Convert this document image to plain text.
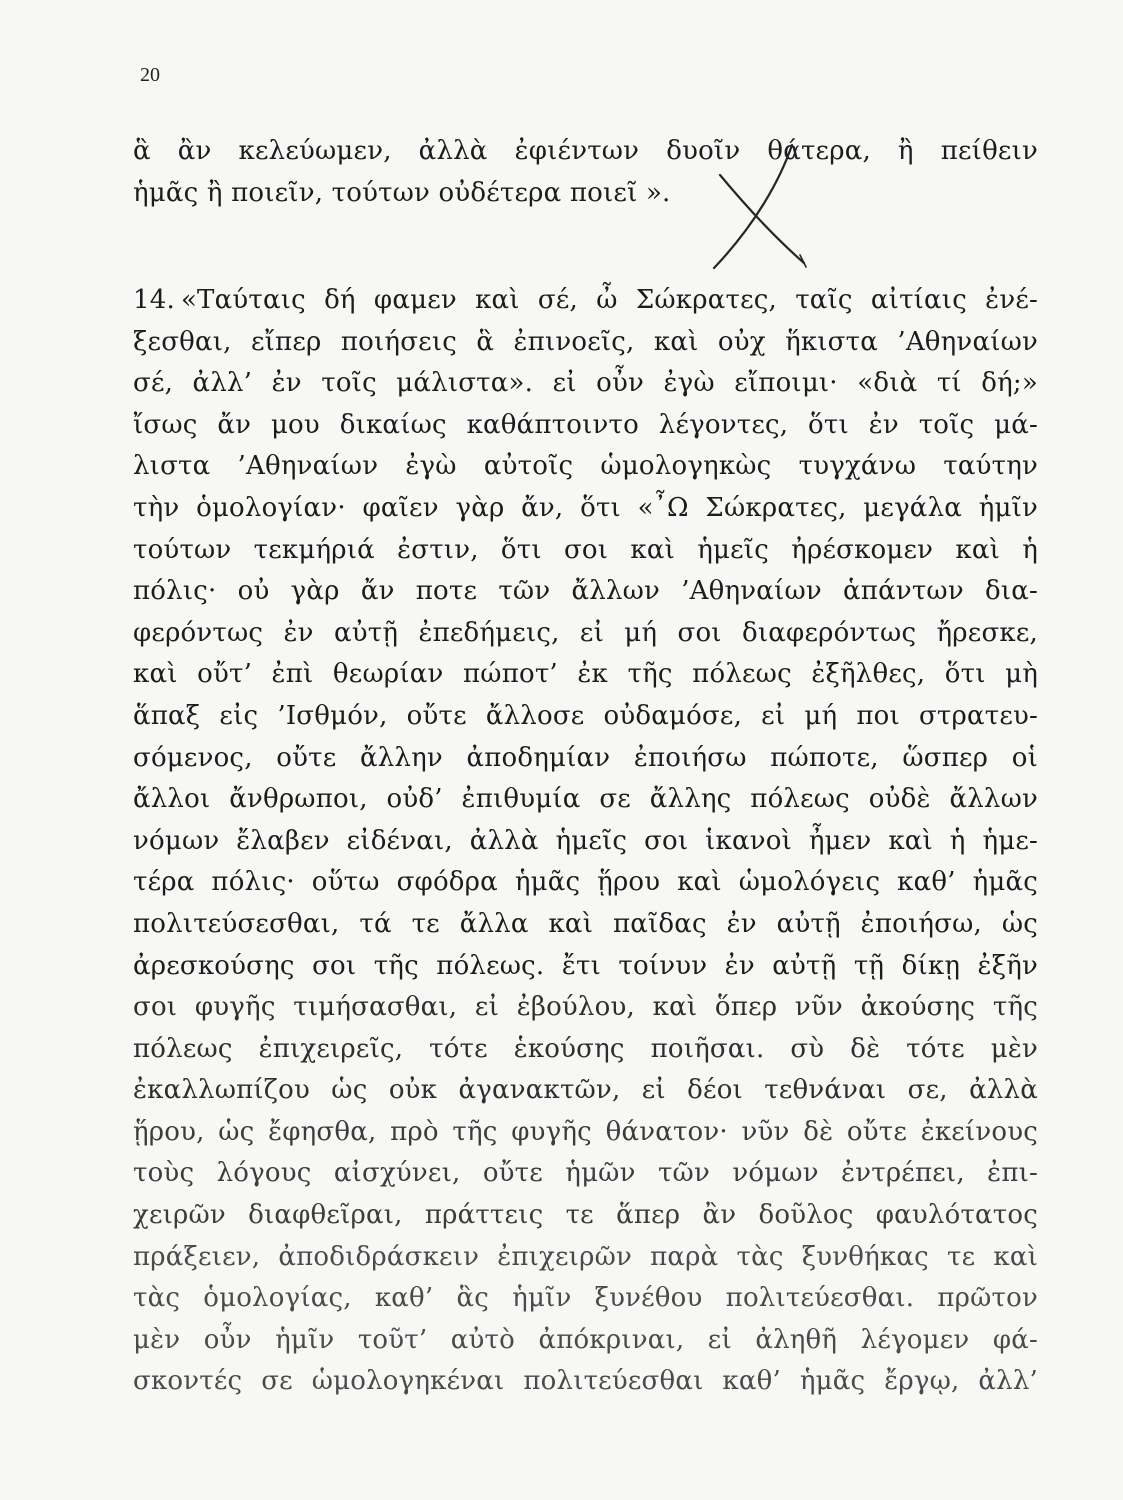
20
ἃ ἂν κελεύωμεν, ἀλλὰ ἐφιέντων δυοῖν θάτερα, ἢ πείθειν
ἡμᾶς ἢ ποιεῖν, τούτων οὐδέτερα ποιεῖ ».
14. «Ταύταις δή φαμεν καὶ σέ, ὦ Σώκρατες, ταῖς αἰτίαις ἐνέ-
ξεσθαι, εἴπερ ποιήσεις ἃ ἐπινοεῖς, καὶ οὐχ ἥκιστα ’Αθηναίων
σέ, ἀλλ’ ἐν τοῖς μάλιστα». εἰ οὖν ἐγὼ εἴποιμι· «διὰ τί δή;»
ἴσως ἄν μου δικαίως καθάπτοιντο λέγοντες, ὅτι ἐν τοῖς μά-
λιστα ’Αθηναίων ἐγὼ αὐτοῖς ὡμολογηκὼς τυγχάνω ταύτην
τὴν ὁμολογίαν· φαῖεν γὰρ ἄν, ὅτι «῏Ω Σώκρατες, μεγάλα ἡμῖν
τούτων τεκμήριά ἐστιν, ὅτι σοι καὶ ἡμεῖς ἠρέσκομεν καὶ ἡ
πόλις· οὐ γὰρ ἄν ποτε τῶν ἄλλων ’Αθηναίων ἁπάντων δια-
φερόντως ἐν αὐτῇ ἐπεδήμεις, εἰ μή σοι διαφερόντως ἤρεσκε,
καὶ οὔτ’ ἐπὶ θεωρίαν πώποτ’ ἐκ τῆς πόλεως ἐξῆλθες, ὅτι μὴ
ἅπαξ εἰς ’Ισθμόν, οὔτε ἄλλοσε οὐδαμόσε, εἰ μή ποι στρατευ-
σόμενος, οὔτε ἄλλην ἀποδημίαν ἐποιήσω πώποτε, ὥσπερ οἱ
ἄλλοι ἄνθρωποι, οὐδ’ ἐπιθυμία σε ἄλλης πόλεως οὐδὲ ἄλλων
νόμων ἔλαβεν εἰδέναι, ἀλλὰ ἡμεῖς σοι ἱκανοὶ ἦμεν καὶ ἡ ἡμε-
τέρα πόλις· οὕτω σφόδρα ἡμᾶς ᾕρου καὶ ὡμολόγεις καθ’ ἡμᾶς
πολιτεύσεσθαι, τά τε ἄλλα καὶ παῖδας ἐν αὐτῇ ἐποιήσω, ὡς
ἀρεσκούσης σοι τῆς πόλεως. ἔτι τοίνυν ἐν αὐτῇ τῇ δίκῃ ἐξῆν
σοι φυγῆς τιμήσασθαι, εἰ ἐβούλου, καὶ ὅπερ νῦν ἀκούσης τῆς
πόλεως ἐπιχειρεῖς, τότε ἑκούσης ποιῆσαι. σὺ δὲ τότε μὲν
ἐκαλλωπίζου ὡς οὐκ ἀγανακτῶν, εἰ δέοι τεθνάναι σε, ἀλλὰ
ᾕρου, ὡς ἔφησθα, πρὸ τῆς φυγῆς θάνατον· νῦν δὲ οὔτε ἐκείνους
τοὺς λόγους αἰσχύνει, οὔτε ἡμῶν τῶν νόμων ἐντρέπει, ἐπι-
χειρῶν διαφθεῖραι, πράττεις τε ἅπερ ἂν δοῦλος φαυλότατος
πράξειεν, ἀποδιδράσκειν ἐπιχειρῶν παρὰ τὰς ξυνθήκας τε καὶ
τὰς ὁμολογίας, καθ’ ἃς ἡμῖν ξυνέθου πολιτεύεσθαι. πρῶτον
μὲν οὖν ἡμῖν τοῦτ’ αὐτὸ ἀπόκριναι, εἰ ἀληθῆ λέγομεν φά-
σκοντές σε ὡμολογηκέναι πολιτεύεσθαι καθ’ ἡμᾶς ἔργῳ, ἀλλ’
